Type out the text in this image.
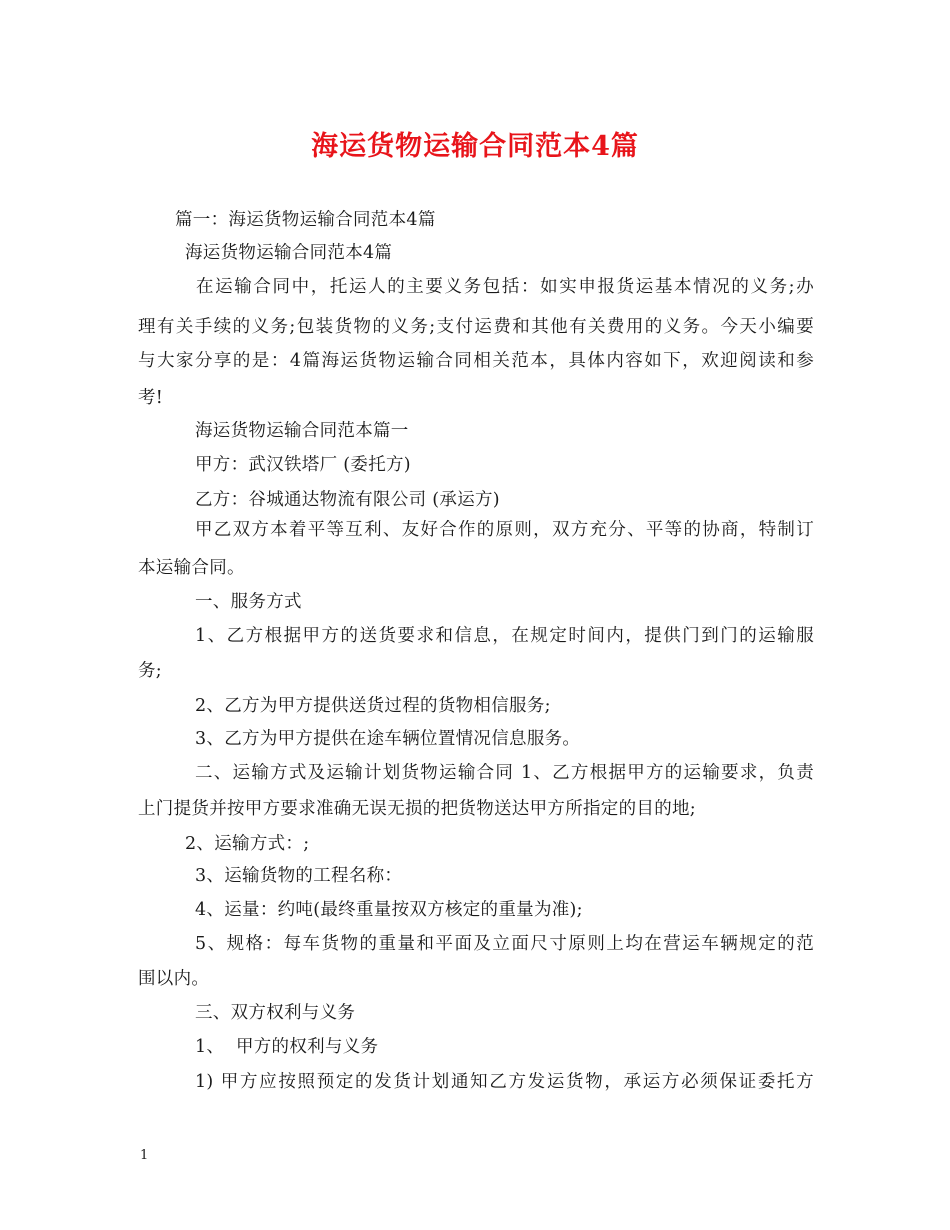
海运货物运输合同范本4篇
篇一：海运货物运输合同范本4篇
海运货物运输合同范本4篇
在运输合同中，托运人的主要义务包括：如实申报货运基本情况的义务;办
理有关手续的义务;包装货物的义务;支付运费和其他有关费用的义务。今天小编要
与大家分享的是：4篇海运货物运输合同相关范本，具体内容如下，欢迎阅读和参
考!
海运货物运输合同范本篇一
甲方：武汉铁塔厂 (委托方)
乙方：谷城通达物流有限公司 (承运方)
甲乙双方本着平等互利、友好合作的原则，双方充分、平等的协商，特制订
本运输合同。
一、服务方式
1、乙方根据甲方的送货要求和信息，在规定时间内，提供门到门的运输服
务;
2、乙方为甲方提供送货过程的货物相信服务;
3、乙方为甲方提供在途车辆位置情况信息服务。
二、运输方式及运输计划货物运输合同 1、乙方根据甲方的运输要求，负责
上门提货并按甲方要求准确无误无损的把货物送达甲方所指定的目的地;
2、运输方式：;
3、运输货物的工程名称：
4、运量：约吨(最终重量按双方核定的重量为准);
5、规格：每车货物的重量和平面及立面尺寸原则上均在营运车辆规定的范
围以内。
三、双方权利与义务
1、  甲方的权利与义务
1) 甲方应按照预定的发货计划通知乙方发运货物，承运方必须保证委托方
1
